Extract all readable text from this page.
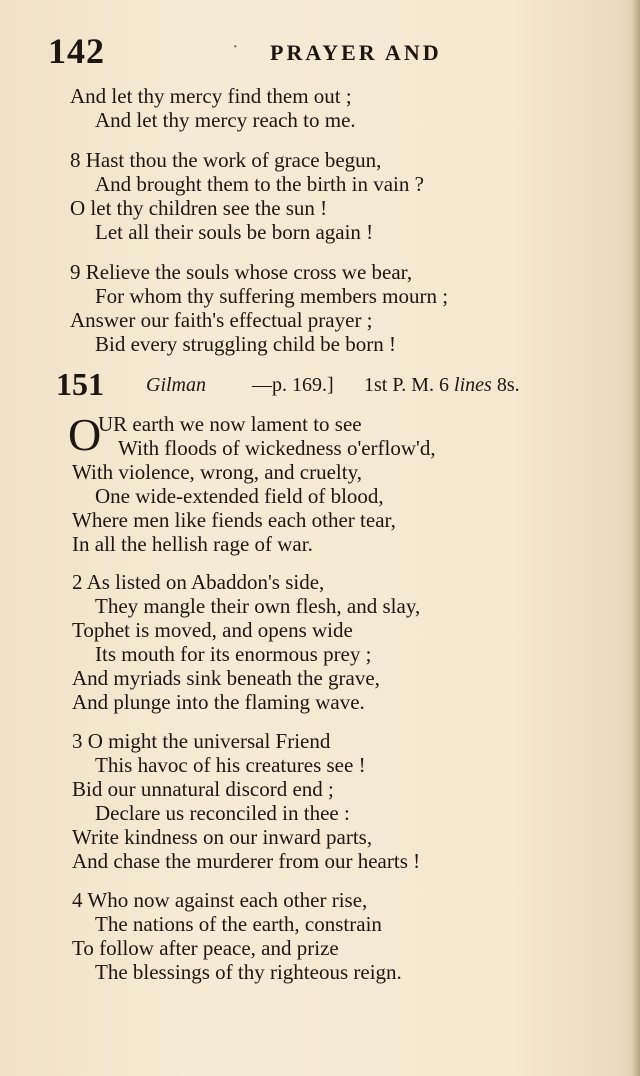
142	· PRAYER AND
And let thy mercy find them out ;
And let thy mercy reach to me.
8 Hast thou the work of grace begun,
And brought them to the birth in vain ?
O let thy children see the sun !
Let all their souls be born again !
9 Relieve the souls whose cross we bear,
For whom thy suffering members mourn ;
Answer our faith's effectual prayer ;
Bid every struggling child be born !
151 Gilman —p. 169.] 1st P. M. 6 lines 8s.
O
UR earth we now lament to see
With floods of wickedness o'erflow'd,
With violence, wrong, and cruelty,
One wide-extended field of blood,
Where men like fiends each other tear,
In all the hellish rage of war.
2 As listed on Abaddon's side,
They mangle their own flesh, and slay,
Tophet is moved, and opens wide
Its mouth for its enormous prey ;
And myriads sink beneath the grave,
And plunge into the flaming wave.
3 O might the universal Friend
This havoc of his creatures see !
Bid our unnatural discord end ;
Declare us reconciled in thee :
Write kindness on our inward parts,
And chase the murderer from our hearts !
4 Who now against each other rise,
The nations of the earth, constrain
To follow after peace, and prize
The blessings of thy righteous reign.
